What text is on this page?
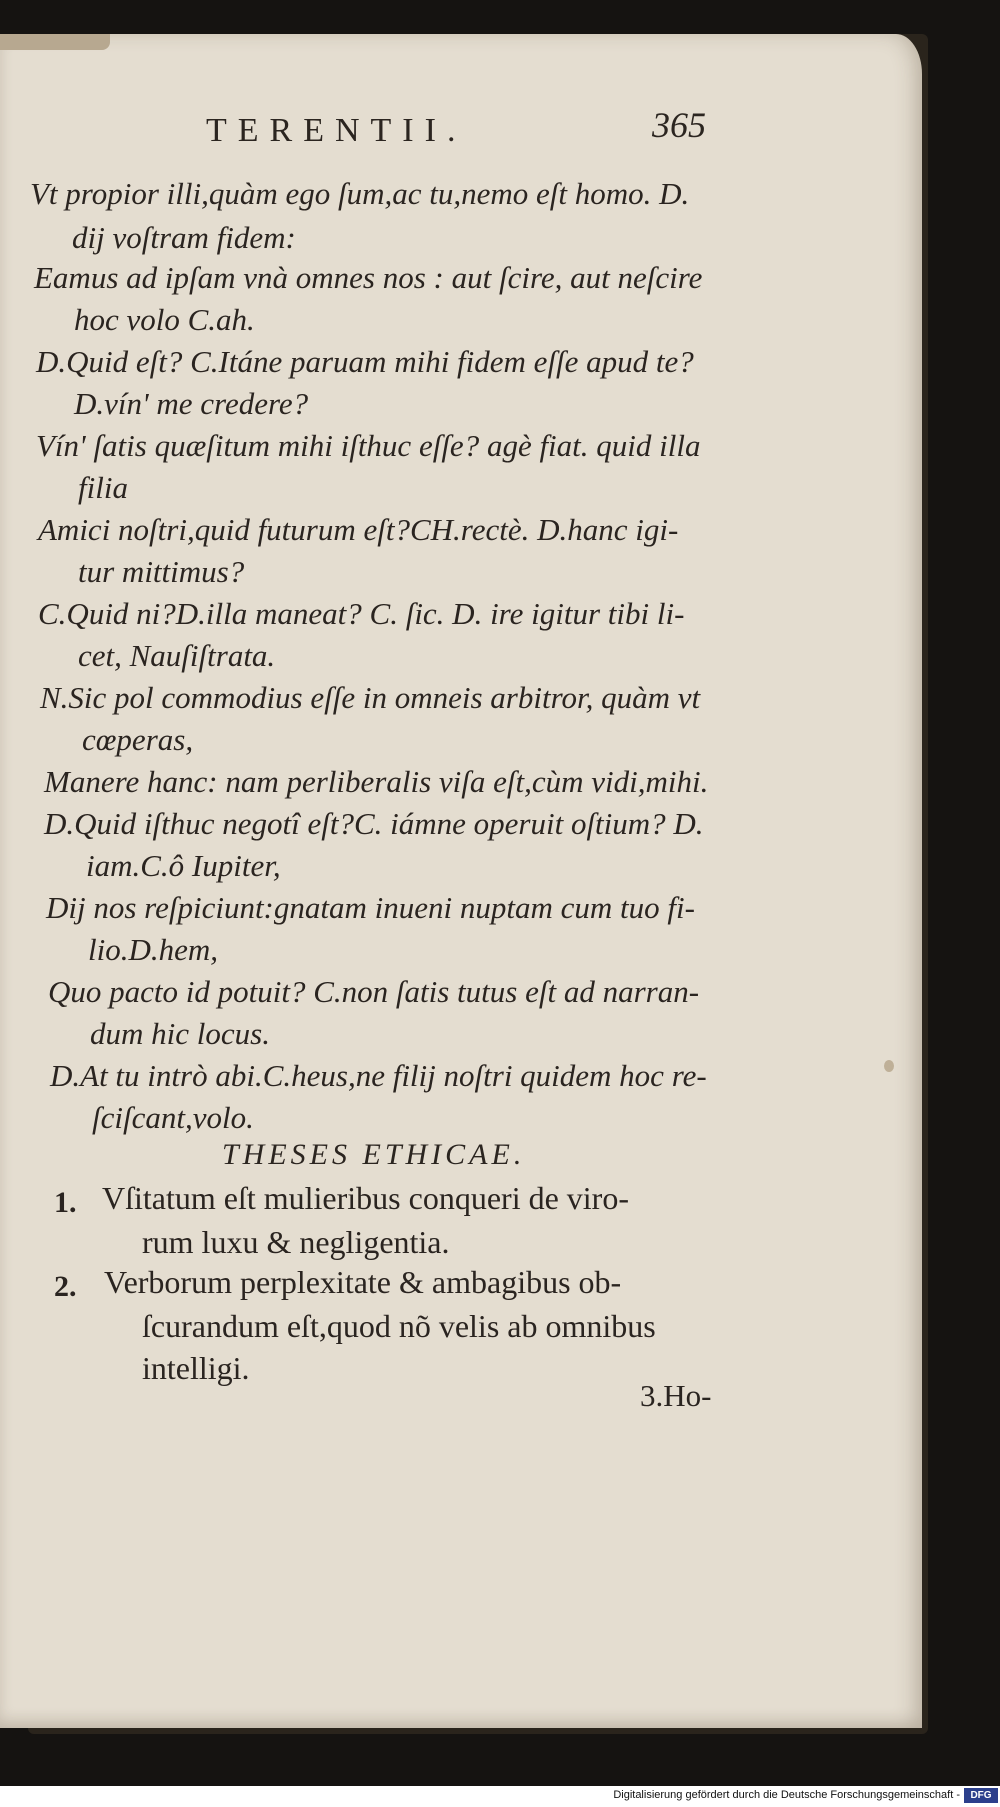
TERENTII.	365
Vt propior illi,quàm ego ſum,ac tu,nemo eſt homo. D.
dij voſtram fidem:
Eamus ad ipſam vnà omnes nos : aut ſcire, aut neſcire
hoc volo C.ah.
D.Quid eſt? C.Itáne paruam mihi fidem eſſe apud te?
D.vín' me credere?
Vín' ſatis quæſitum mihi iſthuc eſſe? agè fiat. quid illa
filia
Amici noſtri,quid futurum eſt?CH.rectè. D.hanc igi-
tur mittimus?
C.Quid ni?D.illa maneat? C. ſic. D. ire igitur tibi li-
cet, Nauſiſtrata.
N.Sic pol commodius eſſe in omneis arbitror, quàm vt
cœperas,
Manere hanc: nam perliberalis viſa eſt,cùm vidi,mihi.
D.Quid iſthuc negotî eſt?C. iámne operuit oſtium? D.
iam.C.ô Iupiter,
Dij nos reſpiciunt:gnatam inueni nuptam cum tuo fi-
lio.D.hem,
Quo pacto id potuit? C.non ſatis tutus eſt ad narran-
dum hic locus.
D.At tu intrò abi.C.heus,ne filij noſtri quidem hoc re-
ſciſcant,volo.
THESES ETHICAE.
1. Vſitatum eſt mulieribus conqueri de viro-
rum luxu & negligentia.
2. Verborum perplexitate & ambagibus ob-
ſcurandum eſt,quod nõ velis ab omnibus
intelligi.
3.Ho-
Digitalisierung gefördert durch die Deutsche Forschungsgemeinschaft -	DFG
